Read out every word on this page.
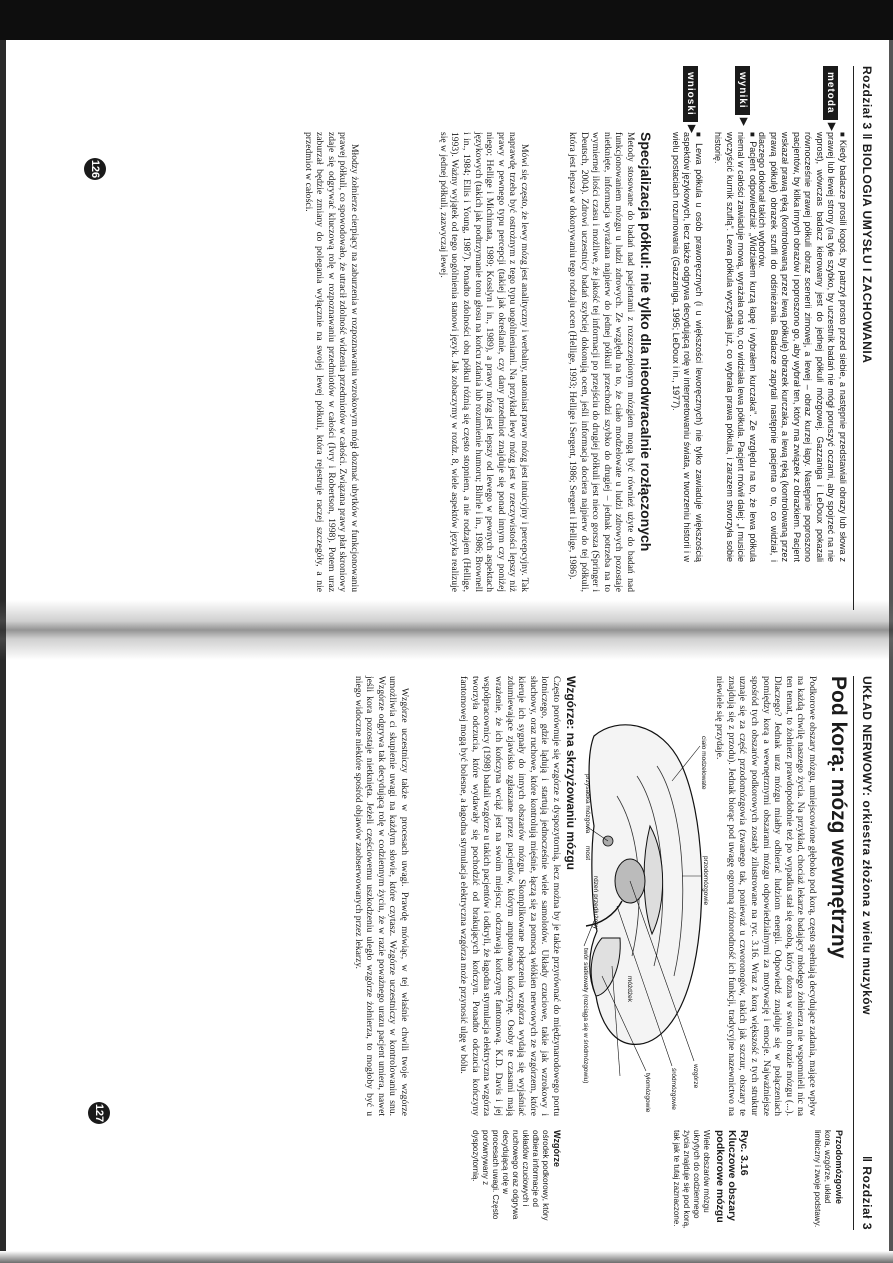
Rozdział 3 ‖ BIOLOGIA UMYSŁU I ZACHOWANIA
metoda ▶
■ Kiedy badacze prosili kogoś, by patrzył prosto przed siebie, a następnie przedstawiali obrazy lub słowa z prawej lub lewej strony (na tyle szybko, by uczestnik badań nie mógł poruszyć oczami, aby spojrzeć na nie wprost), wówczas badacz kierowany jest do jednej półkuli mózgowej. Gazzaniga i LeDoux pokazali równocześnie prawej półkuli obraz scenerii zimowej, a lewej – obraz kurzej łapy. Następnie poproszono pacjentów, by kilka innych obrazów i poproszono go, aby wybrał ten, który ma związek z obrazkiem. Pacjent wskazał prawą ręką (kontrolowaną przez lewą półkulę) obrazek kurczaka, a lewą ręką (kontrolowaną przez prawą półkulę) obrazek szufli do odśnieżania. Badacze zapytali następnie pacjenta o to, co widział, i dlaczego dokonał takich wyborów.
wyniki ▶
■ Pacjent odpowiedział: „Widziałem kurzą łapę i wybrałem kurczaka”. Ze względu na to, że lewa półkula niemal w całości zawiaduje mową, wyrażała ona to, co widziała lewa półkula. Pacjent mówił dalej: „I musicie wyczyścić kurnik szuflą”. Lewa półkula wyczytała już, co wybrała prawa półkula, i zarazem stworzyła sobie historię.
wnioski ▶
■ Lewa półkula u osób praworęcznych (i u większości leworęcznych) nie tylko zawiaduje większością aspektów językowych, lecz także odgrywa decydującą rolę w interpretowaniu świata, w tworzeniu historii i w wielu postaciach rozumowania (Gazzaniga, 1995; LeDoux i in., 1977).
Specjalizacja półkul: nie tylko dla nieodwracalnie rozłączonych
Metody stosowane do badań nad pacjentami z rozszczepionym mózgiem mogą być również użyte do badań nad funkcjonowaniem mózgu u ludzi zdrowych. Ze względu na to, że ciało modzelowate u ludzi zdrowych pozostaje nietknięte, informacja wyrażana najpierw do jednej półkuli przechodzi szybko do drugiej – jednak potrzeba na to wymiernej ilości czasu i możliwe, że jakość tej informacji po przejściu do drugiej półkuli jest nieco gorsza (Springer i Deutsch, 2004). Zdrowi uczestnicy badań szybciej dokonują ocen, jeśli informacja dociera najpierw do tej półkuli, która jest lepsza w dokonywaniu tego rodzaju ocen (Hellige, 1993; Hellige i Sergent, 1986; Sergent i Hellige, 1986).
Mówi się często, że lewy mózg jest analityczny i werbalny, natomiast prawy mózg jest intuicyjny i percepcyjny. Tak naprawdę trzeba być ostrożnym z tego typu uogólnieniami. Na przykład lewy mózg jest w rzeczywistości lepszy niż prawy w pewnego typu percepcji (takiej jak określanie, czy dany przedmiot znajduje się ponad innym czy poniżej niego; Hellige i Michimata, 1989; Kosslyn i in., 1989), a prawy mózg jest lepszy od lewego w pewnych aspektach językowych (takich jak podtrzymanie tonu głosu na końcu zdania lub rozumienie humoru; Bihrle i in., 1986; Brownell i in., 1984; Ellis i Young, 1987). Ponadto zdolności obu półkul różnią się często stopniem, a nie rodzajem (Hellige, 1993). Ważny wyjątek od tego uogólnienia stanowi język. Jak zobaczymy w rozdz. 8, wiele aspektów języka realizuje się w jednej półkuli, zazwyczaj lewej.
Młodzy żołnierze cierpiący na zaburzenia w rozpoznawaniu wzrokowym mógł dozmać ubytków w funkcjonowaniu prawej półkuli, co spowodowało, że utracił zdolność widzenia przedmiotów w całości. Związana prawy płat skroniowy zdaje się odgrywać kluczową rolę w rozpoznawaniu przedmiotów w całości (Ivry i Robertson, 1998). Potem uraz zaburzał będzie zmiany do polegania wyłącznie na swojej lewej półkuli, która rejestruje raczej szczegóły, a nie przedmiot w całości.
126
UKŁAD NERWOWY: orkiestra złożona z wielu muzyków
‖ Rozdział 3
Pod korą: mózg wewnętrzny
Podkorowe obszary mózgu, umiejscowione głęboko pod korą, często spełniają decydujące zadania, mające wpływ na każdą chwilę naszego życia. Na przykład, chociaż lekarze badający młodego żołnierza nie wspomnieli nic na ten temat, to żołnierz prawdopodobnie też po wypadku stał się osobą, który dozna w swoim obrazie mózgu (...). Dlaczego? Jednak uraz mózgu miałby odbierać ludziom energii. Odpowiedź znajduje się w połączeniach pomiędzy korą a wewnętrznymi obszarami mózgu odpowiedzialnymi za motywację i emocje. Najważniejsze spośród tych obszarów podkorowych zostały zilustrowane na ryc. 3.16. Wraz z korą większość z tych struktur uznaje się za część przodomózgowia (zwanego tak, ponieważ u czworonogów, takich jak szczur, obszary te znajdują się z przodu). Jednak biorąc pod uwagę ogromną różnorodność ich funkcji, tradycyjne nazewnictwo na niewiele się przydaje.
ciało modzelowate
przodomózgowie
wzgórze
śródmózgowie
tyłomózgowie
przysadka mózgowa
most
rdzeń przedłużony
móżdżek
twór siatkowaty (rozciąga się w śródmózgowiu)
Wzgórze: na skrzyżowaniu mózgu
Często porównuje się wzgórze z dyspozytornią, lecz można by je także przyrównać do międzynarodowego portu lotniczego, gdzie lądują i startują jednocześnie wiele samolotów. Układy czuciowe, takie jak wzrokowy i słuchowy, oraz ruchowe, które kontrolują mięśnie, łączą się za pomocą włókien nerwowych ze wzgórzem, które kieruje ich sygnały do innych obszarów mózgu. Skomplikowane połączenia wzgórza wydają się wyjaśniać zdumiewające zjawisko zgłaszane przez pacjentów, którym amputowano kończynę. Osoby te czasami mają wrażenie, że ich kończyna wciąż jest na swoim miejscu; odczuwają kończynę fantomową. K.D. Davis i jej współpracownicy (1998) badali wzgórze u takich pacjentów i odkryli, że łagodna stymulacja elektryczna wzgórza tworzyła odczucia, które wydawały się pochodzić od brakujących kończyn. Ponadto odczucia kończyny fantomowej mogą być bolesne, a łagodna stymulacja elektryczna wzgórza może przynosić ulgę w bólu.
Wzgórze uczestniczy także w procesach uwagi. Prawdę mówiąc, w tej właśnie chwili twoje wzgórze umożliwia ci skupienie uwagi na każdym słowie, które czytasz. Wzgórze uczestniczy w kontrolowaniu snu. Wzgórze odgrywa tak decydującą rolę w codziennym życiu, że w razie poważnego urazu pacjent umiera, nawet jeśli kora pozostaje nietknięta. Jeżeli częściowemu uszkodzeniu uległo wzgórze żołnierza, to mogłoby być u niego widoczne niektóre spośród objawów zaobserwowanych przez lekarzy.
127
Przodomózgowie
kora, wzgórze, układ limbiczny i zwoje podstawy.
Ryc. 3.16
Kluczowe obszary podkorowe mózgu
Wiele obszarów mózgu ukrytych do codziennego życia znajduje się pod korą, tak jak te tutaj zaznaczone.
Wzgórze
ośrodek podkorowy, który odbiera informacje od układów czuciowych i ruchowego oraz odgrywa decydującą rolę w procesach uwagi. Często porównywany z dyspozytornią.
